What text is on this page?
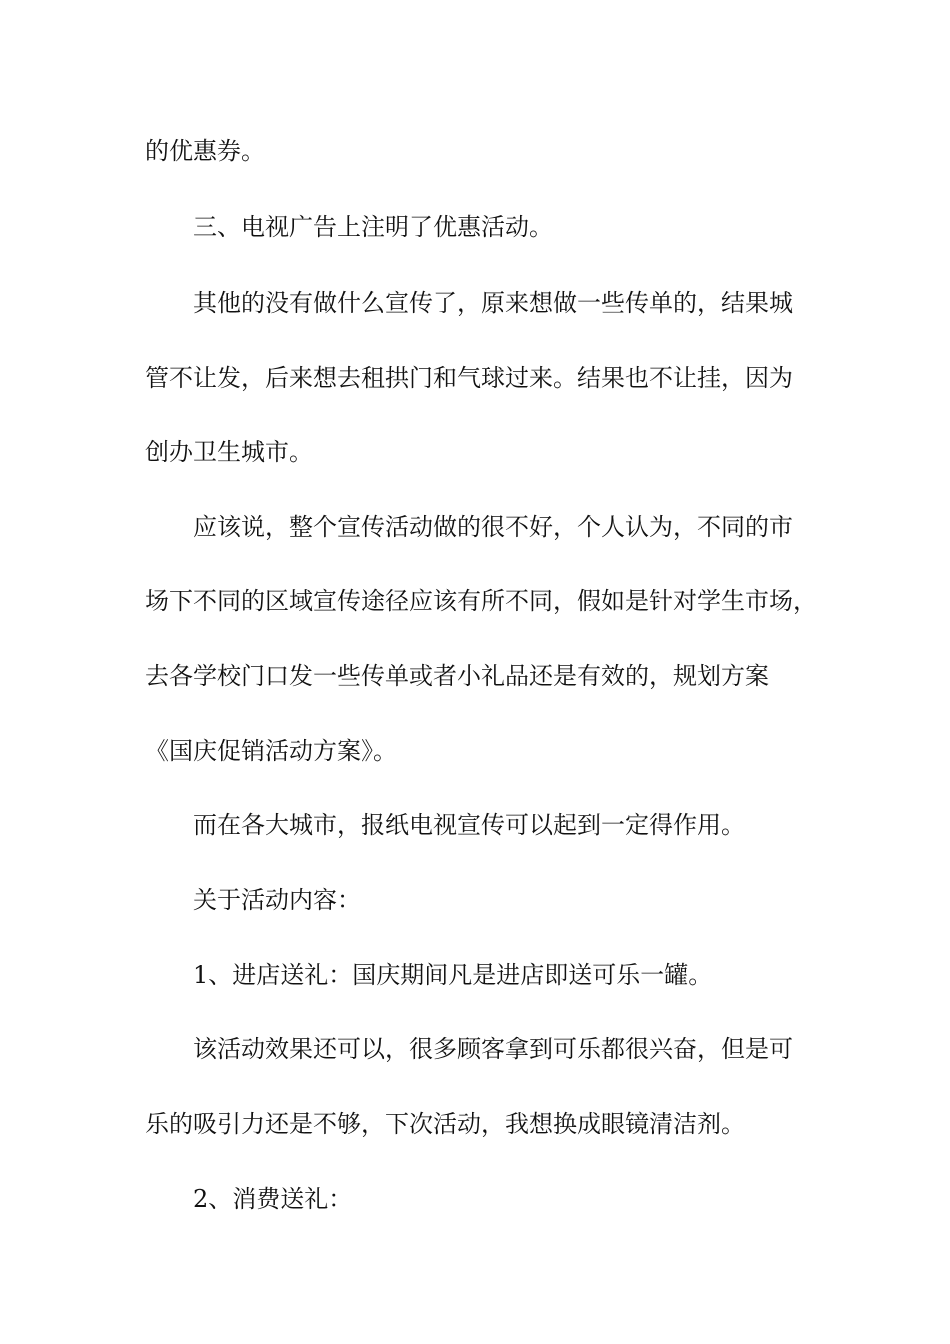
的优惠券。

三、电视广告上注明了优惠活动。

其他的没有做什么宣传了，原来想做一些传单的，结果城

管不让发，后来想去租拱门和气球过来。结果也不让挂，因为

创办卫生城市。

应该说，整个宣传活动做的很不好，个人认为，不同的市

场下不同的区域宣传途径应该有所不同，假如是针对学生市场，

去各学校门口发一些传单或者小礼品还是有效的，规划方案

《国庆促销活动方案》。

而在各大城市，报纸电视宣传可以起到一定得作用。

关于活动内容：

1、进店送礼：国庆期间凡是进店即送可乐一罐。

该活动效果还可以，很多顾客拿到可乐都很兴奋，但是可

乐的吸引力还是不够，下次活动，我想换成眼镜清洁剂。

2、消费送礼：
